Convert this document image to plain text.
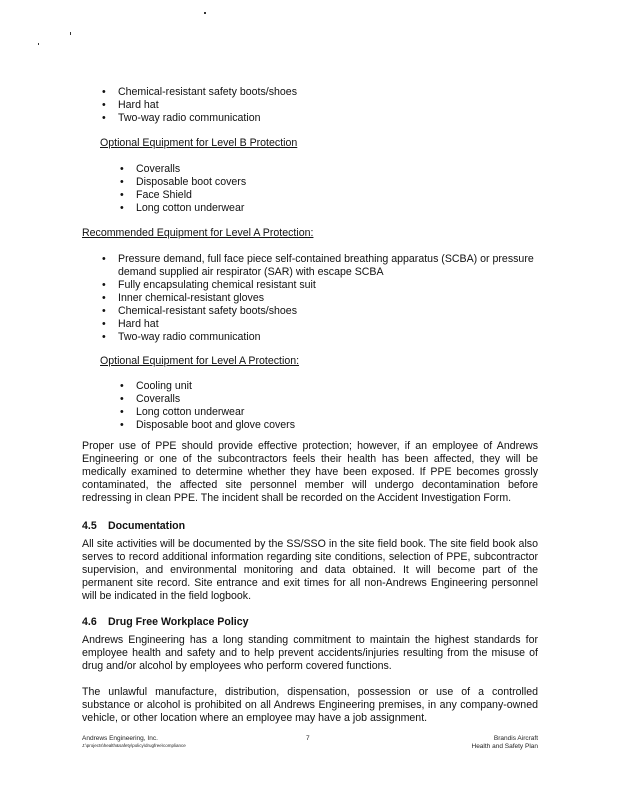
• Chemical-resistant safety boots/shoes
• Hard hat
• Two-way radio communication
Optional Equipment for Level B Protection
• Coveralls
• Disposable boot covers
• Face Shield
• Long cotton underwear
Recommended Equipment for Level A Protection:
• Pressure demand, full face piece self-contained breathing apparatus (SCBA) or pressure demand supplied air respirator (SAR) with escape SCBA
• Fully encapsulating chemical resistant suit
• Inner chemical-resistant gloves
• Chemical-resistant safety boots/shoes
• Hard hat
• Two-way radio communication
Optional Equipment for Level A Protection:
• Cooling unit
• Coveralls
• Long cotton underwear
• Disposable boot and glove covers

Proper use of PPE should provide effective protection; however, if an employee of Andrews Engineering or one of the subcontractors feels their health has been affected, they will be medically examined to determine whether they have been exposed. If PPE becomes grossly contaminated, the affected site personnel member will undergo decontamination before redressing in clean PPE. The incident shall be recorded on the Accident Investigation Form.

4.5 Documentation

All site activities will be documented by the SS/SSO in the site field book. The site field book also serves to record additional information regarding site conditions, selection of PPE, subcontractor supervision, and environmental monitoring and data obtained. It will become part of the permanent site record. Site entrance and exit times for all non-Andrews Engineering personnel will be indicated in the field logbook.

4.6 Drug Free Workplace Policy

Andrews Engineering has a long standing commitment to maintain the highest standards for employee health and safety and to help prevent accidents/injuries resulting from the misuse of drug and/or alcohol by employees who perform covered functions.

The unlawful manufacture, distribution, dispensation, possession or use of a controlled substance or alcohol is prohibited on all Andrews Engineering premises, in any company-owned vehicle, or other location where an employee may have a job assignment.

Andrews Engineering, Inc.
J:\projects\health&safety\policy\drugfree\compliance
7	Brandis Aircraft
Health and Safety Plan
